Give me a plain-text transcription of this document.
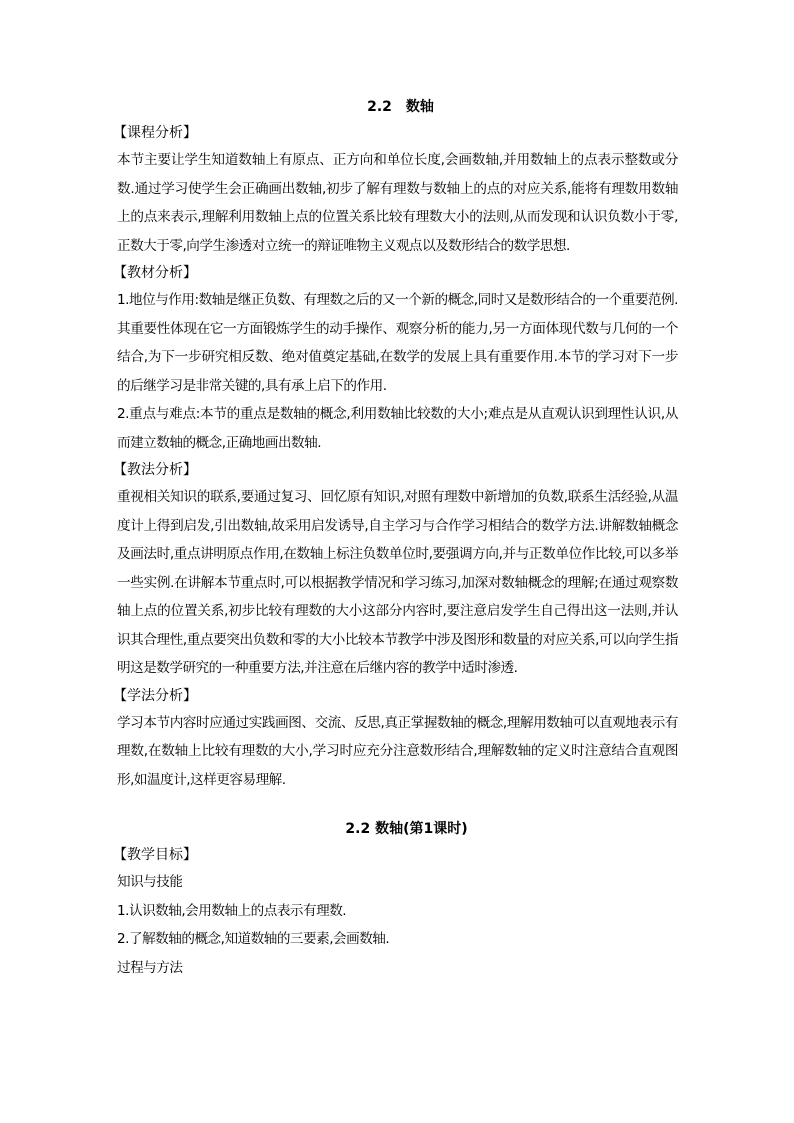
2.2　数轴
【课程分析】

本节主要让学生知道数轴上有原点、正方向和单位长度,会画数轴,并用数轴上的点表示整数或分数.通过学习使学生会正确画出数轴,初步了解有理数与数轴上的点的对应关系,能将有理数用数轴上的点来表示,理解利用数轴上点的位置关系比较有理数大小的法则,从而发现和认识负数小于零,正数大于零,向学生渗透对立统一的辩证唯物主义观点以及数形结合的数学思想.

【教材分析】

1.地位与作用:数轴是继正负数、有理数之后的又一个新的概念,同时又是数形结合的一个重要范例.其重要性体现在它一方面锻炼学生的动手操作、观察分析的能力,另一方面体现代数与几何的一个结合,为下一步研究相反数、绝对值奠定基础,在数学的发展上具有重要作用.本节的学习对下一步的后继学习是非常关键的,具有承上启下的作用.

2.重点与难点:本节的重点是数轴的概念,利用数轴比较数的大小;难点是从直观认识到理性认识,从而建立数轴的概念,正确地画出数轴.

【教法分析】

重视相关知识的联系,要通过复习、回忆原有知识,对照有理数中新增加的负数,联系生活经验,从温度计上得到启发,引出数轴,故采用启发诱导,自主学习与合作学习相结合的数学方法.讲解数轴概念及画法时,重点讲明原点作用,在数轴上标注负数单位时,要强调方向,并与正数单位作比较,可以多举一些实例.在讲解本节重点时,可以根据教学情况和学习练习,加深对数轴概念的理解;在通过观察数轴上点的位置关系,初步比较有理数的大小这部分内容时,要注意启发学生自己得出这一法则,并认识其合理性,重点要突出负数和零的大小比较本节教学中涉及图形和数量的对应关系,可以向学生指明这是数学研究的一种重要方法,并注意在后继内容的教学中适时渗透.

【学法分析】

学习本节内容时应通过实践画图、交流、反思,真正掌握数轴的概念,理解用数轴可以直观地表示有理数,在数轴上比较有理数的大小,学习时应充分注意数形结合,理解数轴的定义时注意结合直观图形,如温度计,这样更容易理解.

2.2 数轴(第1课时)
【教学目标】

知识与技能

1.认识数轴,会用数轴上的点表示有理数.

2.了解数轴的概念,知道数轴的三要素,会画数轴.

过程与方法
